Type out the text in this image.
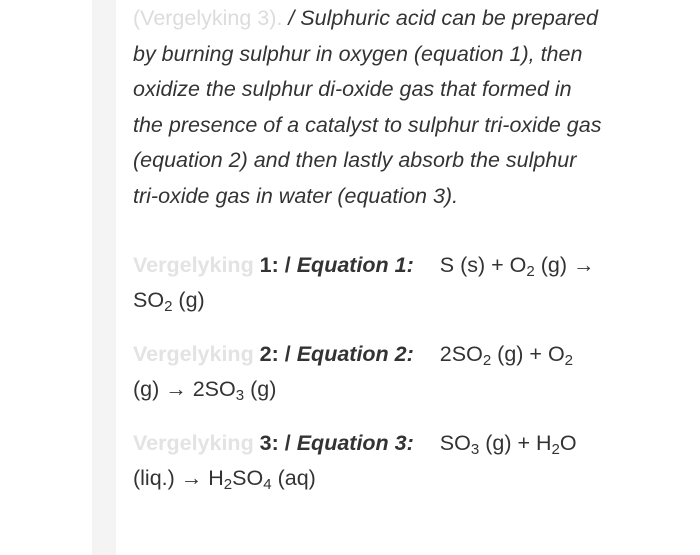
(Vergelyking 3). / Sulphuric acid can be prepared by burning sulphur in oxygen (equation 1), then oxidize the sulphur di-oxide gas that formed in the presence of a catalyst to sulphur tri-oxide gas (equation 2) and then lastly absorb the sulphur tri-oxide gas in water (equation 3).

Vergelyking 1: / Equation 1: S $(s) + O_2$ $(g) \to SO_2$ (g)

Vergelyking 2: / Equation 2: $2SO_2$ $(g) + O_2$ $(g) \to 2SO_3$ (g)

Vergelyking 3: / Equation 3: $SO_3$ $(g) + H_2O$ $(liq.) \to H_2SO_4$ (aq)
